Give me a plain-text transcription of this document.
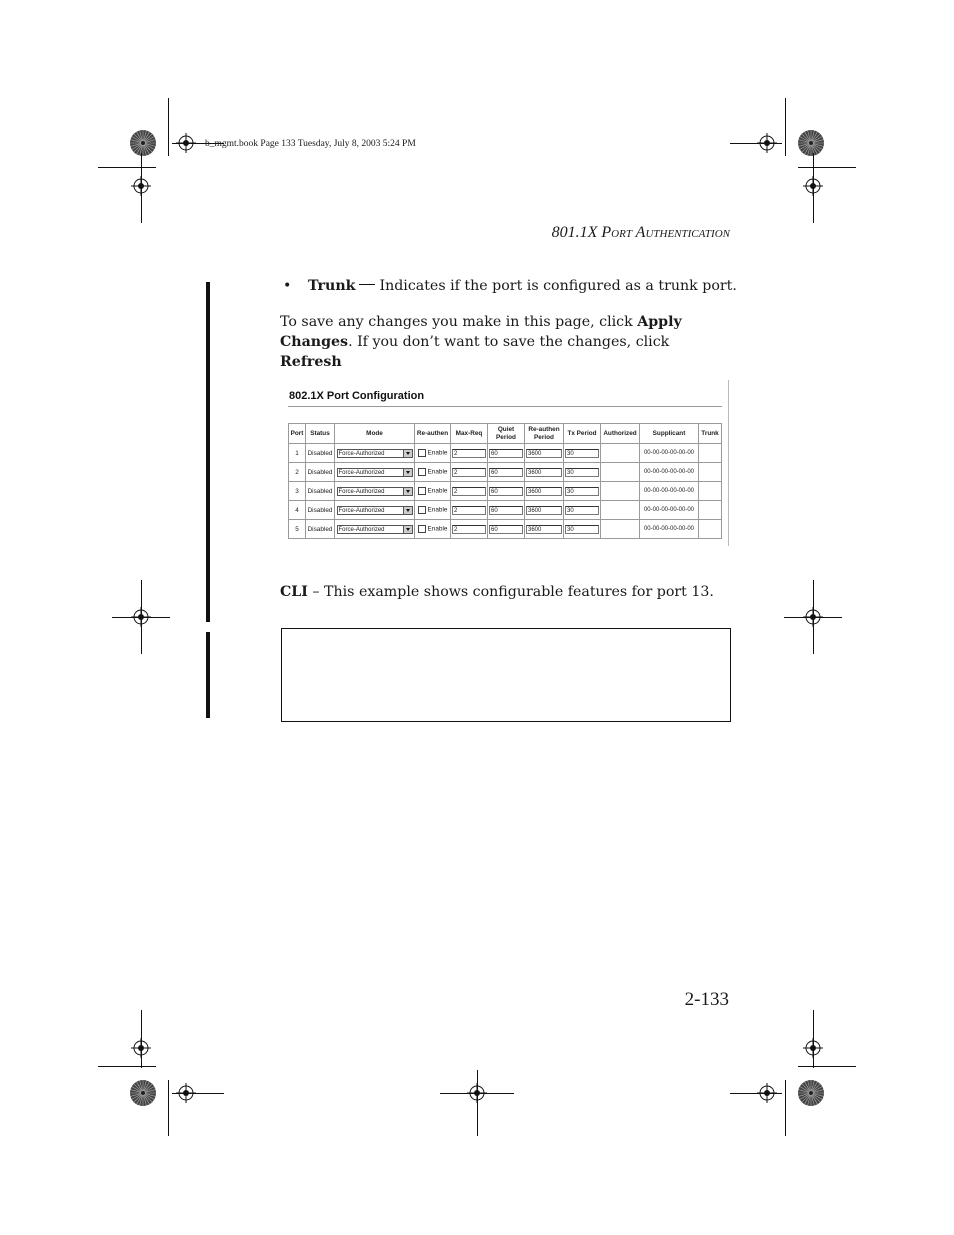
b_mgmt.book Page 133 Tuesday, July 8, 2003 5:24 PM
801.1X PORT AUTHENTICATION
• Trunk Indicates if the port is configured as a trunk port.
To save any changes you make in this page, click Apply Changes. If you don’t want to save the changes, click Refresh
802.1X Port Configuration
Port	Status	Mode	Re-authen	Max-Req	Quiet Period	Re-authen Period	Tx Period	Authorized	Supplicant	Trunk
1	Disabled	Force-Authorized	Enable	2	60	3600	30		00-00-00-00-00-00	
2	Disabled	Force-Authorized	Enable	2	60	3600	30		00-00-00-00-00-00	
3	Disabled	Force-Authorized	Enable	2	60	3600	30		00-00-00-00-00-00	
4	Disabled	Force-Authorized	Enable	2	60	3600	30		00-00-00-00-00-00	
5	Disabled	Force-Authorized	Enable	2	60	3600	30		00-00-00-00-00-00	
CLI – This example shows configurable features for port 13.
2-133
